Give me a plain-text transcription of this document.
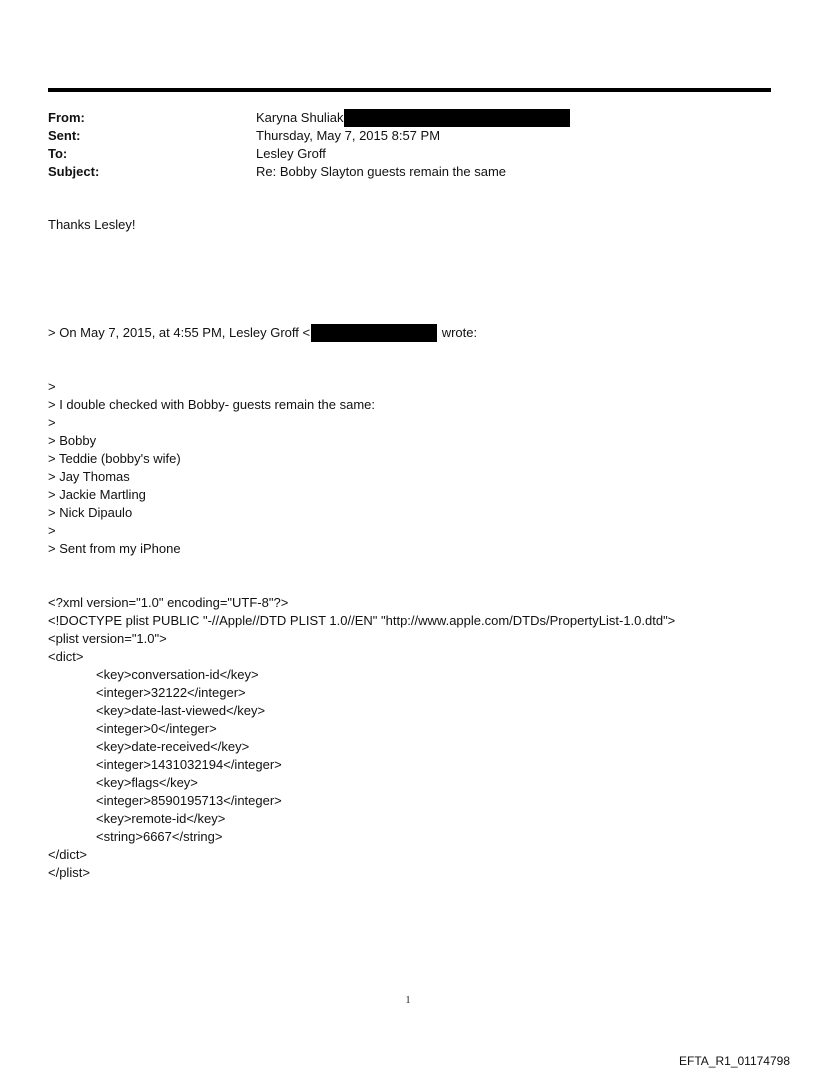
From:	Karyna Shuliak
Sent:	Thursday, May 7, 2015 8:57 PM
To:	Lesley Groff
Subject:	Re: Bobby Slayton guests remain the same
Thanks Lesley!

> On May 7, 2015, at 4:55 PM, Lesley Groff <	wrote:

>
> I double checked with Bobby- guests remain the same:
>
> Bobby
> Teddie (bobby's wife)
> Jay Thomas
> Jackie Martling
> Nick Dipaulo
>
> Sent from my iPhone

<?xml version="1.0" encoding="UTF-8"?>
<!DOCTYPE plist PUBLIC "-//Apple//DTD PLIST 1.0//EN" "http://www.apple.com/DTDs/PropertyList-1.0.dtd">
<plist version="1.0">
<dict>
<key>conversation-id</key>
<integer>32122</integer>
<key>date-last-viewed</key>
<integer>0</integer>
<key>date-received</key>
<integer>1431032194</integer>
<key>flags</key>
<integer>8590195713</integer>
<key>remote-id</key>
<string>6667</string>
</dict>
</plist>

1
EFTA_R1_01174798
